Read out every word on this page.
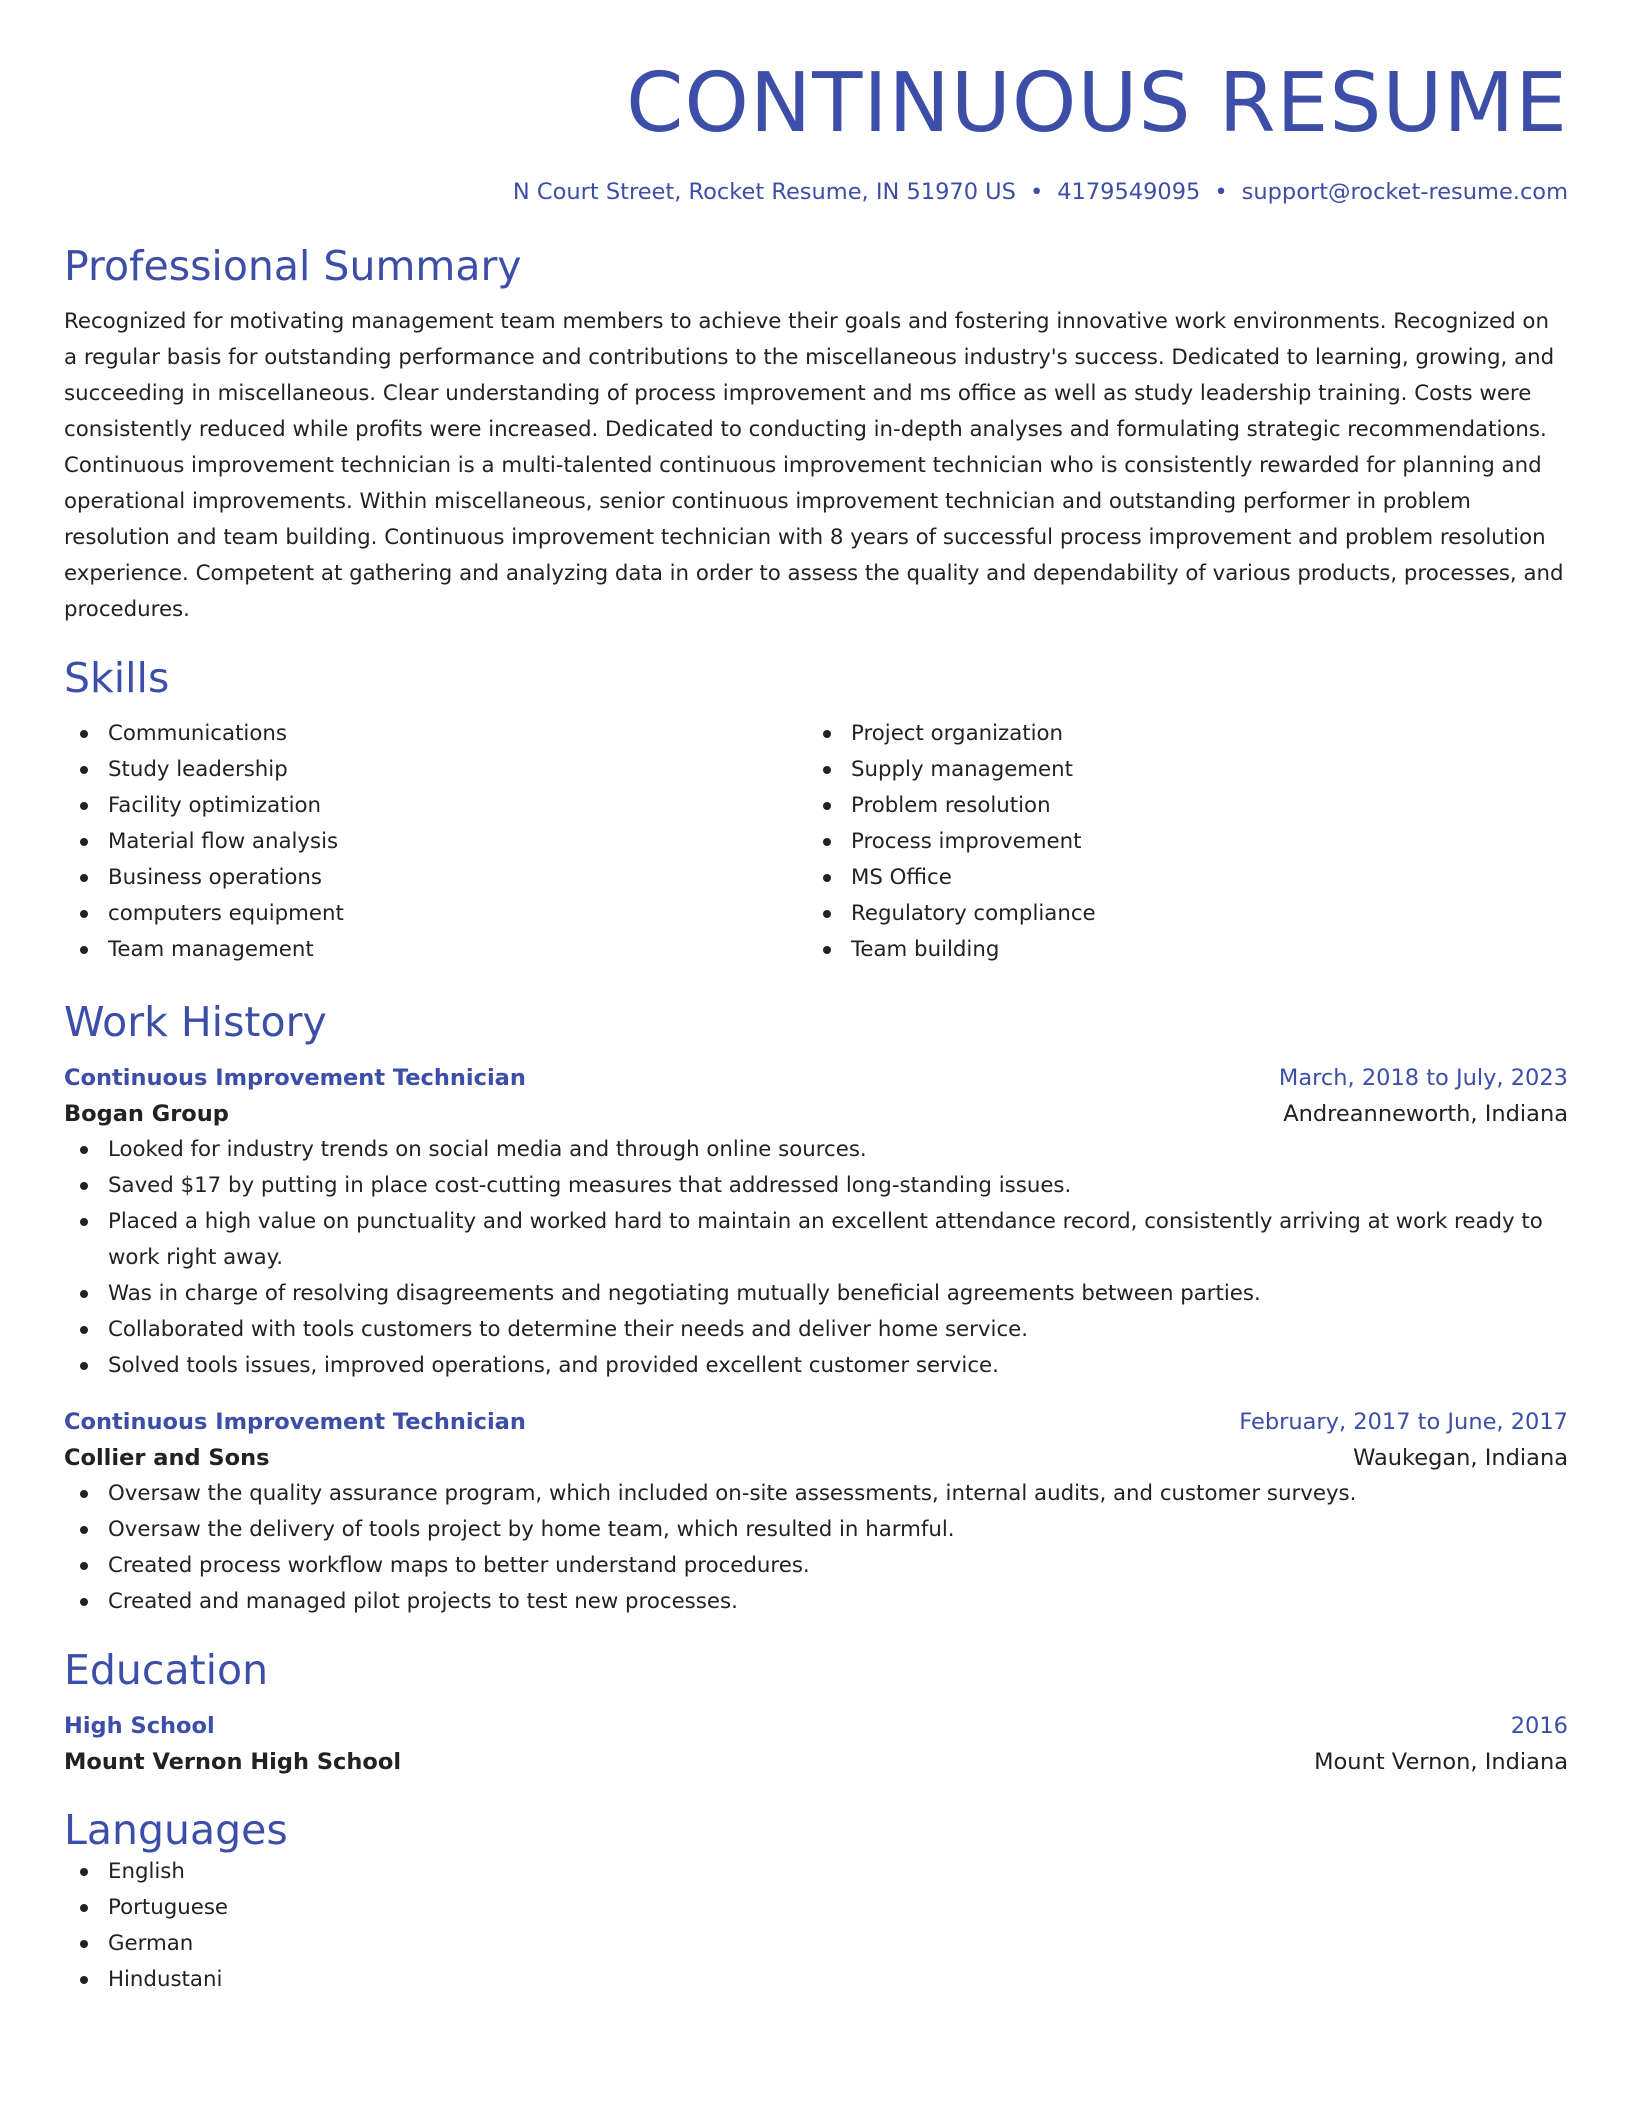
CONTINUOUS RESUME
N Court Street, Rocket Resume, IN 51970 US • 4179549095 • support@rocket-resume.com
Professional Summary
Recognized for motivating management team members to achieve their goals and fostering innovative work environments. Recognized on a regular basis for outstanding performance and contributions to the miscellaneous industry's success. Dedicated to learning, growing, and succeeding in miscellaneous. Clear understanding of process improvement and ms office as well as study leadership training. Costs were consistently reduced while profits were increased. Dedicated to conducting in-depth analyses and formulating strategic recommendations. Continuous improvement technician is a multi-talented continuous improvement technician who is consistently rewarded for planning and operational improvements. Within miscellaneous, senior continuous improvement technician and outstanding performer in problem resolution and team building. Continuous improvement technician with 8 years of successful process improvement and problem resolution experience. Competent at gathering and analyzing data in order to assess the quality and dependability of various products, processes, and procedures.
Skills
Communications
Study leadership
Facility optimization
Material flow analysis
Business operations
computers equipment
Team management
Project organization
Supply management
Problem resolution
Process improvement
MS Office
Regulatory compliance
Team building
Work History
Continuous Improvement Technician	March, 2018 to July, 2023
Bogan Group	Andreanneworth, Indiana
Looked for industry trends on social media and through online sources.
Saved $17 by putting in place cost-cutting measures that addressed long-standing issues.
Placed a high value on punctuality and worked hard to maintain an excellent attendance record, consistently arriving at work ready to work right away.
Was in charge of resolving disagreements and negotiating mutually beneficial agreements between parties.
Collaborated with tools customers to determine their needs and deliver home service.
Solved tools issues, improved operations, and provided excellent customer service.
Continuous Improvement Technician	February, 2017 to June, 2017
Collier and Sons	Waukegan, Indiana
Oversaw the quality assurance program, which included on-site assessments, internal audits, and customer surveys.
Oversaw the delivery of tools project by home team, which resulted in harmful.
Created process workflow maps to better understand procedures.
Created and managed pilot projects to test new processes.
Education
High School	2016
Mount Vernon High School	Mount Vernon, Indiana
Languages
English
Portuguese
German
Hindustani
